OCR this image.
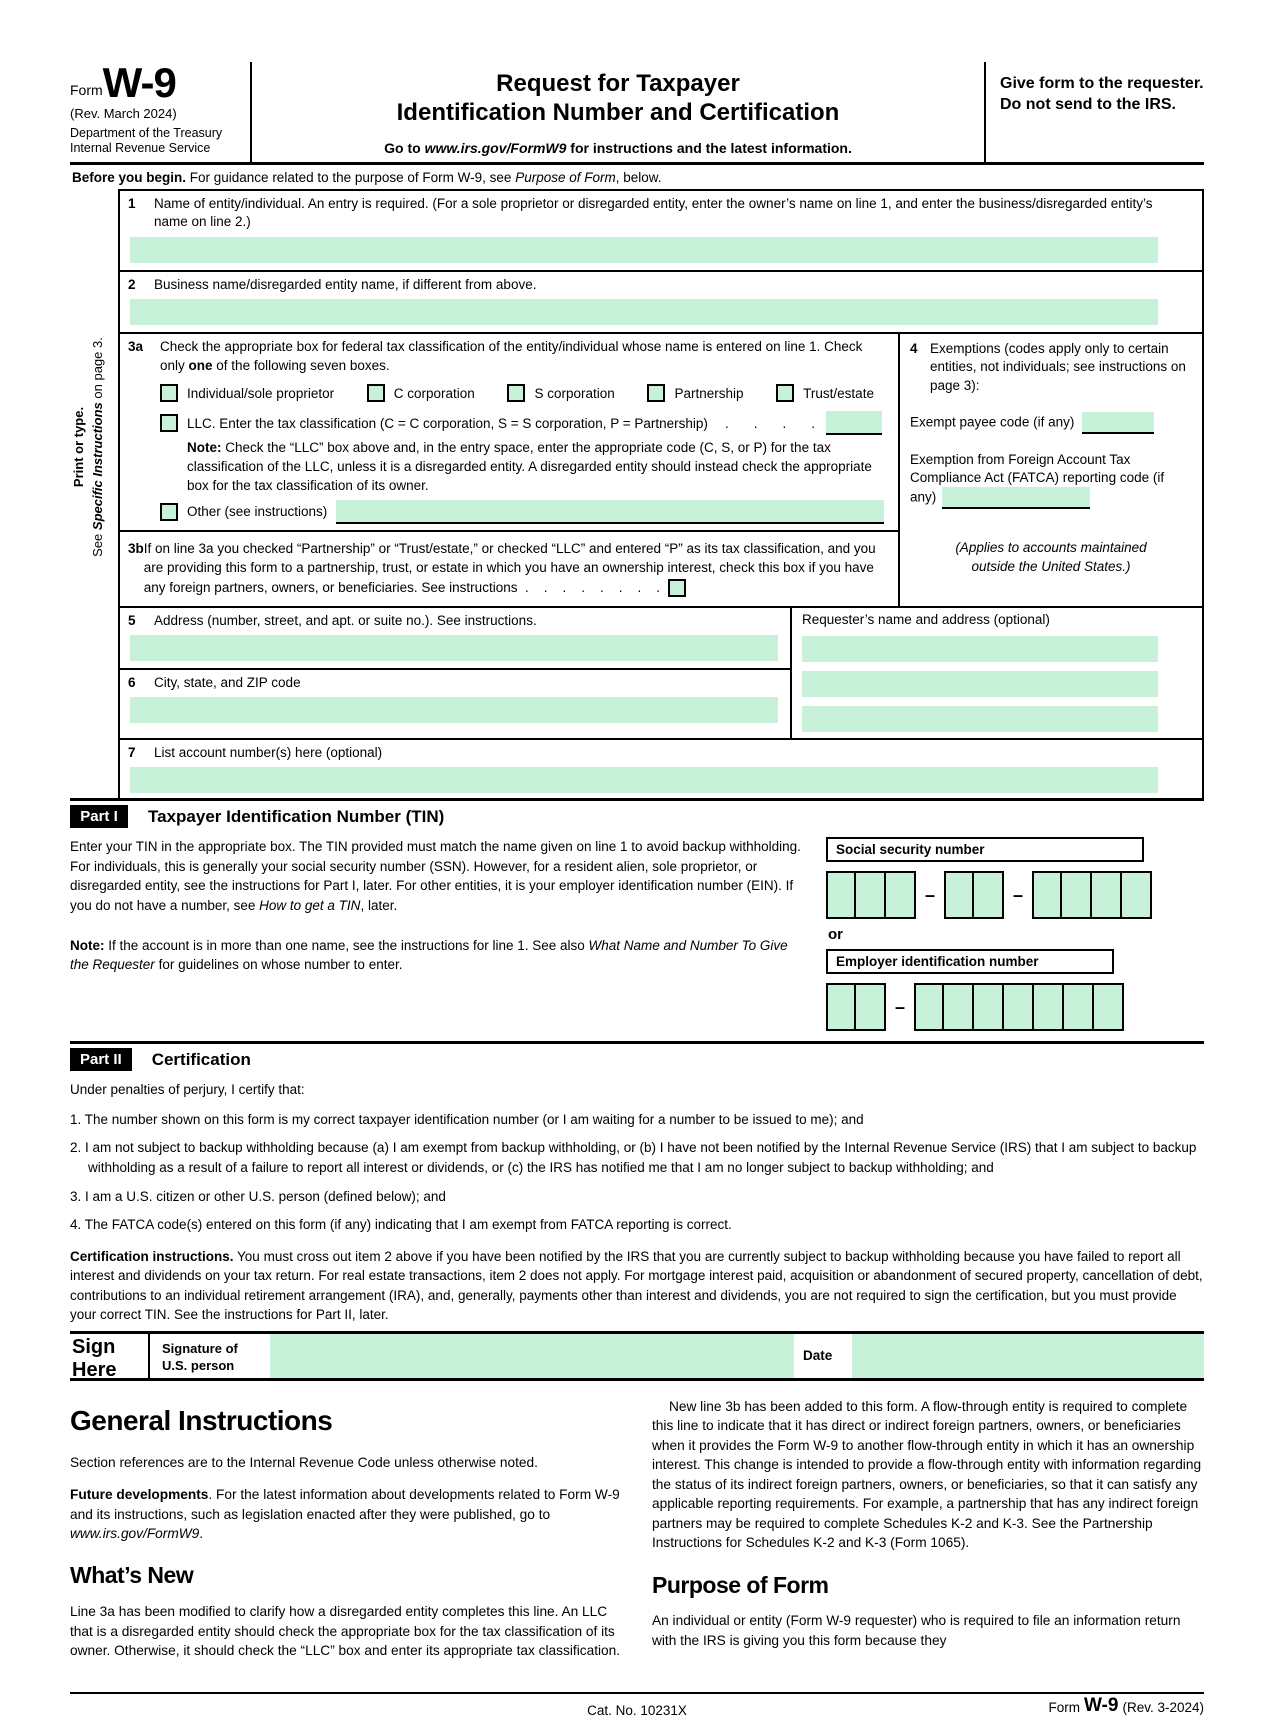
Form W-9
(Rev. March 2024)
Department of the Treasury
Internal Revenue Service
Request for Taxpayer
Identification Number and Certification
Go to www.irs.gov/FormW9 for instructions and the latest information.
Give form to the requester. Do not send to the IRS.
Before you begin. For guidance related to the purpose of Form W-9, see Purpose of Form, below.
Print or type.
See Specific Instructions on page 3.
1	Name of entity/individual. An entry is required. (For a sole proprietor or disregarded entity, enter the owner’s name on line 1, and enter the business/disregarded entity’s name on line 2.)
2	Business name/disregarded entity name, if different from above.
3a	Check the appropriate box for federal tax classification of the entity/individual whose name is entered on line 1. Check only one of the following seven boxes.
Individual/sole proprietor	C corporation	S corporation	Partnership	Trust/estate
LLC. Enter the tax classification (C = C corporation, S = S corporation, P = Partnership) .    .    .    .
Note: Check the “LLC” box above and, in the entry space, enter the appropriate code (C, S, or P) for the tax classification of the LLC, unless it is a disregarded entity. A disregarded entity should instead check the appropriate box for the tax classification of its owner.
Other (see instructions)
3b If on line 3a you checked “Partnership” or “Trust/estate,” or checked “LLC” and entered “P” as its tax classification, and you are providing this form to a partnership, trust, or estate in which you have an ownership interest, check this box if you have any foreign partners, owners, or beneficiaries. See instructions  .    .    .    .    .    .    .    .
4 Exemptions (codes apply only to certain entities, not individuals; see instructions on page 3):
Exempt payee code (if any)
Exemption from Foreign Account Tax Compliance Act (FATCA) reporting code (if any)
(Applies to accounts maintained
outside the United States.)
5	Address (number, street, and apt. or suite no.). See instructions.
6	City, state, and ZIP code
Requester’s name and address (optional)
7	List account number(s) here (optional)
Part I	Taxpayer Identification Number (TIN)
Enter your TIN in the appropriate box. The TIN provided must match the name given on line 1 to avoid backup withholding. For individuals, this is generally your social security number (SSN). However, for a resident alien, sole proprietor, or disregarded entity, see the instructions for Part I, later. For other entities, it is your employer identification number (EIN). If you do not have a number, see How to get a TIN, later.
Note: If the account is in more than one name, see the instructions for line 1. See also What Name and Number To Give the Requester for guidelines on whose number to enter.
Social security number
–	–
or
Employer identification number
–
Part II	Certification
Under penalties of perjury, I certify that:
1. The number shown on this form is my correct taxpayer identification number (or I am waiting for a number to be issued to me); and
2. I am not subject to backup withholding because (a) I am exempt from backup withholding, or (b) I have not been notified by the Internal Revenue Service (IRS) that I am subject to backup withholding as a result of a failure to report all interest or dividends, or (c) the IRS has notified me that I am no longer subject to backup withholding; and
3. I am a U.S. citizen or other U.S. person (defined below); and
4. The FATCA code(s) entered on this form (if any) indicating that I am exempt from FATCA reporting is correct.
Certification instructions. You must cross out item 2 above if you have been notified by the IRS that you are currently subject to backup withholding because you have failed to report all interest and dividends on your tax return. For real estate transactions, item 2 does not apply. For mortgage interest paid, acquisition or abandonment of secured property, cancellation of debt, contributions to an individual retirement arrangement (IRA), and, generally, payments other than interest and dividends, you are not required to sign the certification, but you must provide your correct TIN. See the instructions for Part II, later.
Sign
Here
Signature of
U.S. person
Date
General Instructions

Section references are to the Internal Revenue Code unless otherwise noted.

Future developments. For the latest information about developments related to Form W-9 and its instructions, such as legislation enacted after they were published, go to www.irs.gov/FormW9.

What’s New

Line 3a has been modified to clarify how a disregarded entity completes this line. An LLC that is a disregarded entity should check the appropriate box for the tax classification of its owner. Otherwise, it should check the “LLC” box and enter its appropriate tax classification.

New line 3b has been added to this form. A flow-through entity is required to complete this line to indicate that it has direct or indirect foreign partners, owners, or beneficiaries when it provides the Form W-9 to another flow-through entity in which it has an ownership interest. This change is intended to provide a flow-through entity with information regarding the status of its indirect foreign partners, owners, or beneficiaries, so that it can satisfy any applicable reporting requirements. For example, a partnership that has any indirect foreign partners may be required to complete Schedules K-2 and K-3. See the Partnership Instructions for Schedules K-2 and K-3 (Form 1065).

Purpose of Form

An individual or entity (Form W-9 requester) who is required to file an information return with the IRS is giving you this form because they

Cat. No. 10231X	Form W-9 (Rev. 3-2024)
